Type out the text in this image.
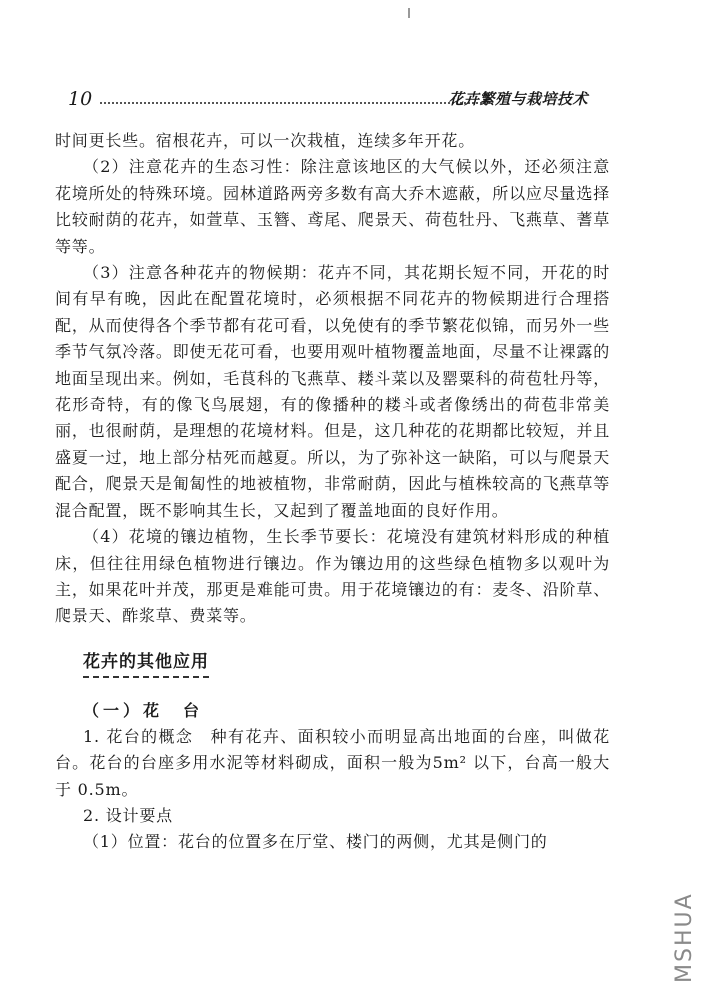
10	花卉繁殖与栽培技术

时间更长些。宿根花卉，可以一次栽植，连续多年开花。

（2）注意花卉的生态习性：除注意该地区的大气候以外，还必须注意花境所处的特殊环境。园林道路两旁多数有高大乔木遮蔽，所以应尽量选择比较耐荫的花卉，如萱草、玉簪、鸢尾、爬景天、荷苞牡丹、飞燕草、蓍草等等。

（3）注意各种花卉的物候期：花卉不同，其花期长短不同，开花的时间有早有晚，因此在配置花境时，必须根据不同花卉的物候期进行合理搭配，从而使得各个季节都有花可看，以免使有的季节繁花似锦，而另外一些季节气氛冷落。即使无花可看，也要用观叶植物覆盖地面，尽量不让裸露的地面呈现出来。例如，毛茛科的飞燕草、耧斗菜以及罂粟科的荷苞牡丹等，花形奇特，有的像飞鸟展翅，有的像播种的耧斗或者像绣出的荷苞非常美丽，也很耐荫，是理想的花境材料。但是，这几种花的花期都比较短，并且盛夏一过，地上部分枯死而越夏。所以，为了弥补这一缺陷，可以与爬景天配合，爬景天是匍匐性的地被植物，非常耐荫，因此与植株较高的飞燕草等混合配置，既不影响其生长，又起到了覆盖地面的良好作用。

（4）花境的镶边植物，生长季节要长：花境没有建筑材料形成的种植床，但往往用绿色植物进行镶边。作为镶边用的这些绿色植物多以观叶为主，如果花叶并茂，那更是难能可贵。用于花境镶边的有：麦冬、沿阶草、爬景天、酢浆草、费菜等。

花卉的其他应用
（一）花　台

1. 花台的概念　种有花卉、面积较小而明显高出地面的台座，叫做花台。花台的台座多用水泥等材料砌成，面积一般为5m² 以下，台高一般大于 0.5m。

2. 设计要点

（1）位置：花台的位置多在厅堂、楼门的两侧，尤其是侧门的

MSHUA
